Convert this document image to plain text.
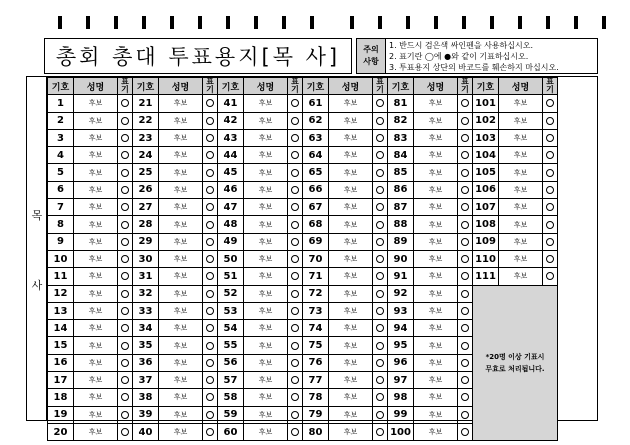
총회 총대 투표용지[목 사]	주의
사항
1. 반드시 검은색 싸인펜을 사용하십시오.
2. 표기란 ◯에 ●와 같이 기표하십시오.
3. 투표용지 상단의 바코드를 훼손하지 마십시오.
목
사
기호	성명	표기	기호	성명	표기	기호	성명	표기	기호	성명	표기	기호	성명	표기	기호	성명	표기
1	후보		21	후보		41	후보		61	후보		81	후보		101	후보	
2	후보		22	후보		42	후보		62	후보		82	후보		102	후보	
3	후보		23	후보		43	후보		63	후보		83	후보		103	후보	
4	후보		24	후보		44	후보		64	후보		84	후보		104	후보	
5	후보		25	후보		45	후보		65	후보		85	후보		105	후보	
6	후보		26	후보		46	후보		66	후보		86	후보		106	후보	
7	후보		27	후보		47	후보		67	후보		87	후보		107	후보	
8	후보		28	후보		48	후보		68	후보		88	후보		108	후보	
9	후보		29	후보		49	후보		69	후보		89	후보		109	후보	
10	후보		30	후보		50	후보		70	후보		90	후보		110	후보	
11	후보		31	후보		51	후보		71	후보		91	후보		111	후보	
12	후보		32	후보		52	후보		72	후보		92	후보		*20명 이상 기표시
무효로 처리됩니다.		

13	후보		33	후보		53	후보		73	후보		93	후보				
14	후보		34	후보		54	후보		74	후보		94	후보				
15	후보		35	후보		55	후보		75	후보		95	후보				
16	후보		36	후보		56	후보		76	후보		96	후보				
17	후보		37	후보		57	후보		77	후보		97	후보				
18	후보		38	후보		58	후보		78	후보		98	후보				
19	후보		39	후보		59	후보		79	후보		99	후보				
20	후보		40	후보		60	후보		80	후보		100	후보				
